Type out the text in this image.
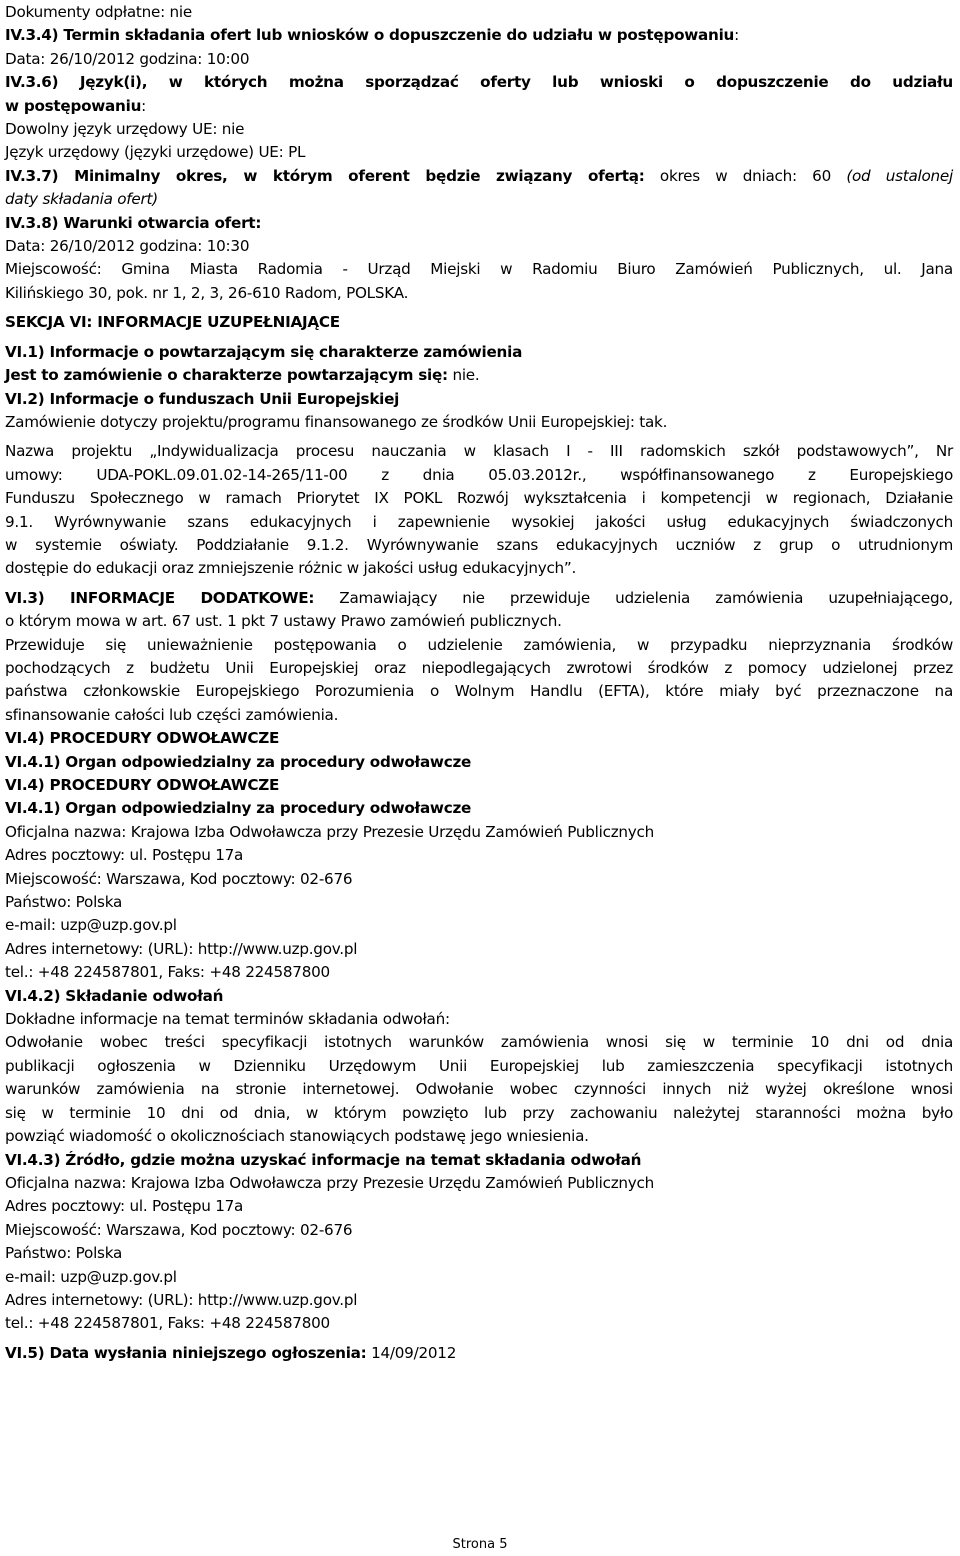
Dokumenty odpłatne: nie

IV.3.4) Termin składania ofert lub wniosków o dopuszczenie do udziału w postępowaniu:

Data: 26/10/2012 godzina: 10:00

IV.3.6) Język(i), w których można sporządzać oferty lub wnioski o dopuszczenie do udziału

w postępowaniu:

Dowolny język urzędowy UE: nie

Język urzędowy (języki urzędowe) UE: PL

IV.3.7) Minimalny okres, w którym oferent będzie związany ofertą: okres w dniach: 60 (od ustalonej

daty składania ofert)

IV.3.8) Warunki otwarcia ofert:

Data: 26/10/2012 godzina: 10:30

Miejscowość: Gmina Miasta Radomia - Urząd Miejski w Radomiu Biuro Zamówień Publicznych, ul. Jana

Kilińskiego 30, pok. nr 1, 2, 3, 26-610 Radom, POLSKA.

SEKCJA VI: INFORMACJE UZUPEŁNIAJĄCE

VI.1) Informacje o powtarzającym się charakterze zamówienia

Jest to zamówienie o charakterze powtarzającym się: nie.

VI.2) Informacje o funduszach Unii Europejskiej

Zamówienie dotyczy projektu/programu finansowanego ze środków Unii Europejskiej: tak.

Nazwa projektu „Indywidualizacja procesu nauczania w klasach I - III radomskich szkół podstawowych”, Nr

umowy: UDA-POKL.09.01.02-14-265/11-00 z dnia 05.03.2012r., współfinansowanego z Europejskiego

Funduszu Społecznego w ramach Priorytet IX POKL Rozwój wykształcenia i kompetencji w regionach, Działanie

9.1. Wyrównywanie szans edukacyjnych i zapewnienie wysokiej jakości usług edukacyjnych świadczonych

w systemie oświaty. Poddziałanie 9.1.2. Wyrównywanie szans edukacyjnych uczniów z grup o utrudnionym

dostępie do edukacji oraz zmniejszenie różnic w jakości usług edukacyjnych”.

VI.3) INFORMACJE DODATKOWE: Zamawiający nie przewiduje udzielenia zamówienia uzupełniającego,

o którym mowa w art. 67 ust. 1 pkt 7 ustawy Prawo zamówień publicznych.

Przewiduje się unieważnienie postępowania o udzielenie zamówienia, w przypadku nieprzyznania środków

pochodzących z budżetu Unii Europejskiej oraz niepodlegających zwrotowi środków z pomocy udzielonej przez

państwa członkowskie Europejskiego Porozumienia o Wolnym Handlu (EFTA), które miały być przeznaczone na

sfinansowanie całości lub części zamówienia.

VI.4) PROCEDURY ODWOŁAWCZE

VI.4.1) Organ odpowiedzialny za procedury odwoławcze

VI.4) PROCEDURY ODWOŁAWCZE

VI.4.1) Organ odpowiedzialny za procedury odwoławcze

Oficjalna nazwa: Krajowa Izba Odwoławcza przy Prezesie Urzędu Zamówień Publicznych

Adres pocztowy: ul. Postępu 17a

Miejscowość: Warszawa, Kod pocztowy: 02-676

Państwo: Polska

e-mail: uzp@uzp.gov.pl

Adres internetowy: (URL): http://www.uzp.gov.pl

tel.: +48 224587801, Faks: +48 224587800

VI.4.2) Składanie odwołań

Dokładne informacje na temat terminów składania odwołań:

Odwołanie wobec treści specyfikacji istotnych warunków zamówienia wnosi się w terminie 10 dni od dnia

publikacji ogłoszenia w Dzienniku Urzędowym Unii Europejskiej lub zamieszczenia specyfikacji istotnych

warunków zamówienia na stronie internetowej. Odwołanie wobec czynności innych niż wyżej określone wnosi

się w terminie 10 dni od dnia, w którym powzięto lub przy zachowaniu należytej staranności można było

powziąć wiadomość o okolicznościach stanowiących podstawę jego wniesienia.

VI.4.3) Źródło, gdzie można uzyskać informacje na temat składania odwołań

Oficjalna nazwa: Krajowa Izba Odwoławcza przy Prezesie Urzędu Zamówień Publicznych

Adres pocztowy: ul. Postępu 17a

Miejscowość: Warszawa, Kod pocztowy: 02-676

Państwo: Polska

e-mail: uzp@uzp.gov.pl

Adres internetowy: (URL): http://www.uzp.gov.pl

tel.: +48 224587801, Faks: +48 224587800

VI.5) Data wysłania niniejszego ogłoszenia: 14/09/2012

Strona 5
